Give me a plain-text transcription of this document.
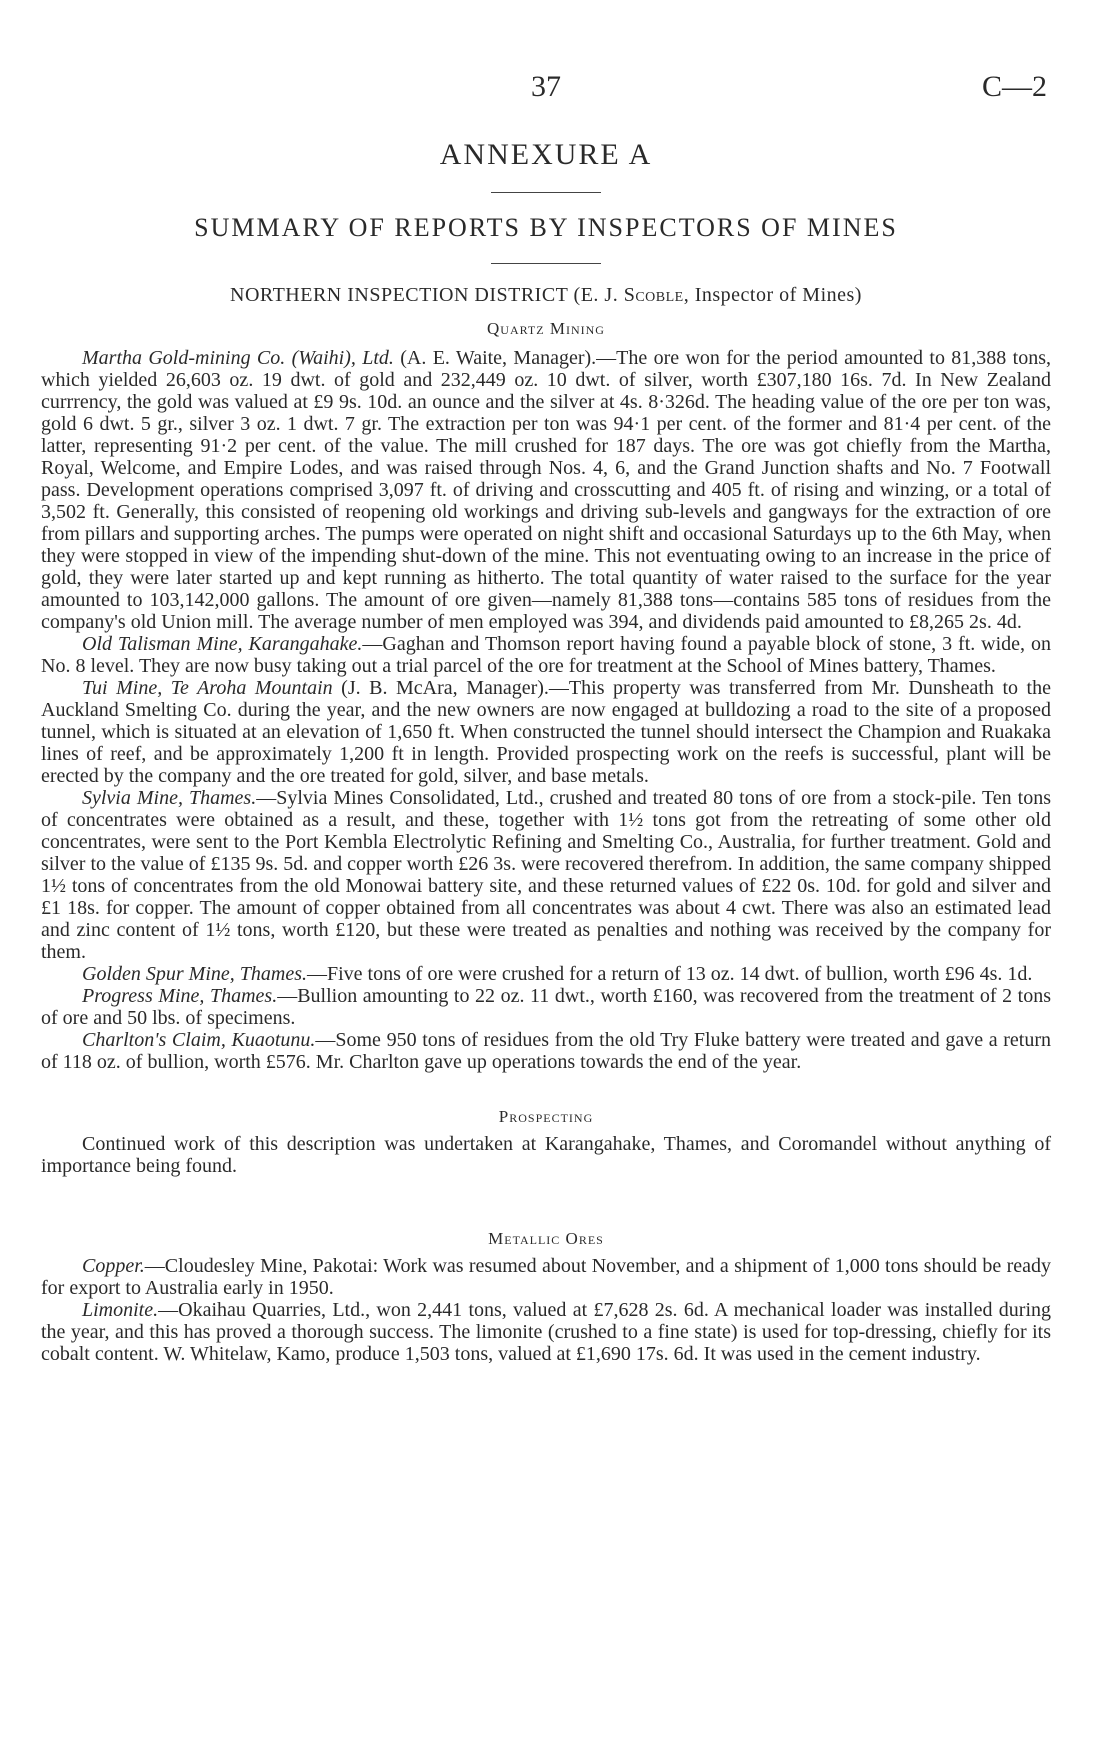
37	C—2
ANNEXURE A
SUMMARY OF REPORTS BY INSPECTORS OF MINES
NORTHERN INSPECTION DISTRICT (E. J. Scoble, Inspector of Mines)
Quartz Mining

Martha Gold-mining Co. (Waihi), Ltd. (A. E. Waite, Manager).—The ore won for the period amounted to 81,388 tons, which yielded 26,603 oz. 19 dwt. of gold and 232,449 oz. 10 dwt. of silver, worth £307,180 16s. 7d. In New Zealand currrency, the gold was valued at £9 9s. 10d. an ounce and the silver at 4s. 8·326d. The heading value of the ore per ton was, gold 6 dwt. 5 gr., silver 3 oz. 1 dwt. 7 gr. The extraction per ton was 94·1 per cent. of the former and 81·4 per cent. of the latter, representing 91·2 per cent. of the value. The mill crushed for 187 days. The ore was got chiefly from the Martha, Royal, Welcome, and Empire Lodes, and was raised through Nos. 4, 6, and the Grand Junction shafts and No. 7 Footwall pass. Development operations comprised 3,097 ft. of driving and crosscutting and 405 ft. of rising and winzing, or a total of 3,502 ft. Generally, this consisted of reopening old workings and driving sub-levels and gangways for the extraction of ore from pillars and supporting arches. The pumps were operated on night shift and occasional Saturdays up to the 6th May, when they were stopped in view of the impending shut-down of the mine. This not eventuating owing to an increase in the price of gold, they were later started up and kept running as hitherto. The total quantity of water raised to the surface for the year amounted to 103,142,000 gallons. The amount of ore given—namely 81,388 tons—contains 585 tons of residues from the company's old Union mill. The average number of men employed was 394, and dividends paid amounted to £8,265 2s. 4d.

Old Talisman Mine, Karangahake.—Gaghan and Thomson report having found a payable block of stone, 3 ft. wide, on No. 8 level. They are now busy taking out a trial parcel of the ore for treatment at the School of Mines battery, Thames.

Tui Mine, Te Aroha Mountain (J. B. McAra, Manager).—This property was transferred from Mr. Dunsheath to the Auckland Smelting Co. during the year, and the new owners are now engaged at bulldozing a road to the site of a proposed tunnel, which is situated at an elevation of 1,650 ft. When constructed the tunnel should intersect the Champion and Ruakaka lines of reef, and be approximately 1,200 ft in length. Provided prospecting work on the reefs is successful, plant will be erected by the company and the ore treated for gold, silver, and base metals.

Sylvia Mine, Thames.—Sylvia Mines Consolidated, Ltd., crushed and treated 80 tons of ore from a stock-pile. Ten tons of concentrates were obtained as a result, and these, together with 1½ tons got from the retreating of some other old concentrates, were sent to the Port Kembla Electrolytic Refining and Smelting Co., Australia, for further treatment. Gold and silver to the value of £135 9s. 5d. and copper worth £26 3s. were recovered therefrom. In addition, the same company shipped 1½ tons of concentrates from the old Monowai battery site, and these returned values of £22 0s. 10d. for gold and silver and £1 18s. for copper. The amount of copper obtained from all concentrates was about 4 cwt. There was also an estimated lead and zinc content of 1½ tons, worth £120, but these were treated as penalties and nothing was received by the company for them.

Golden Spur Mine, Thames.—Five tons of ore were crushed for a return of 13 oz. 14 dwt. of bullion, worth £96 4s. 1d.

Progress Mine, Thames.—Bullion amounting to 22 oz. 11 dwt., worth £160, was recovered from the treatment of 2 tons of ore and 50 lbs. of specimens.

Charlton's Claim, Kuaotunu.—Some 950 tons of residues from the old Try Fluke battery were treated and gave a return of 118 oz. of bullion, worth £576. Mr. Charlton gave up operations towards the end of the year.

Prospecting

Continued work of this description was undertaken at Karangahake, Thames, and Coromandel without anything of importance being found.

Metallic Ores

Copper.—Cloudesley Mine, Pakotai: Work was resumed about November, and a shipment of 1,000 tons should be ready for export to Australia early in 1950.

Limonite.—Okaihau Quarries, Ltd., won 2,441 tons, valued at £7,628 2s. 6d. A mechanical loader was installed during the year, and this has proved a thorough success. The limonite (crushed to a fine state) is used for top-dressing, chiefly for its cobalt content. W. Whitelaw, Kamo, produce 1,503 tons, valued at £1,690 17s. 6d. It was used in the cement industry.
